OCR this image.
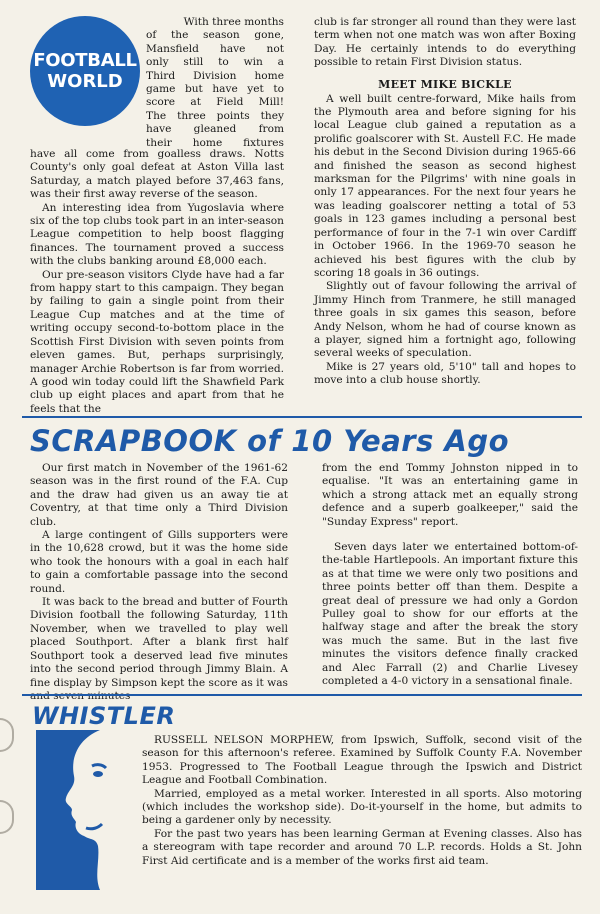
FOOTBALL
WORLD
With three months
of the season gone,
Mansfield have not
only still to win a
Third Division home
game but have yet to
score at Field Mill!
The three points they
have gleaned from
their home fixtures

have all come from goalless draws. Notts County's only goal defeat at Aston Villa last Saturday, a match played before 37,463 fans, was their first away reverse of the season.

An interesting idea from Yugoslavia where six of the top clubs took part in an inter-season League competition to help boost flagging finances. The tournament proved a success with the clubs banking around £8,000 each.

Our pre-season visitors Clyde have had a far from happy start to this campaign. They began by failing to gain a single point from their League Cup matches and at the time of writing occupy second-to-bottom place in the Scottish First Division with seven points from eleven games. But, perhaps surprisingly, manager Archie Robertson is far from worried. A good win today could lift the Shawfield Park club up eight places and apart from that he feels that the

club is far stronger all round than they were last term when not one match was won after Boxing Day. He certainly intends to do everything possible to retain First Division status.

MEET MIKE BICKLE

A well built centre-forward, Mike hails from the Plymouth area and before signing for his local League club gained a reputation as a prolific goalscorer with St. Austell F.C. He made his debut in the Second Division during 1965-66 and finished the season as second highest marksman for the Pilgrims' with nine goals in only 17 appearances. For the next four years he was leading goalscorer netting a total of 53 goals in 123 games including a personal best performance of four in the 7-1 win over Cardiff in October 1966. In the 1969-70 season he achieved his best figures with the club by scoring 18 goals in 36 outings.

Slightly out of favour following the arrival of Jimmy Hinch from Tranmere, he still managed three goals in six games this season, before Andy Nelson, whom he had of course known as a player, signed him a fortnight ago, following several weeks of speculation.

Mike is 27 years old, 5'10" tall and hopes to move into a club house shortly.

SCRAPBOOK of 10 Years Ago

Our first match in November of the 1961-62 season was in the first round of the F.A. Cup and the draw had given us an away tie at Coventry, at that time only a Third Division club.

A large contingent of Gills supporters were in the 10,628 crowd, but it was the home side who took the honours with a goal in each half to gain a comfortable passage into the second round.

It was back to the bread and butter of Fourth Division football the following Saturday, 11th November, when we travelled to play well placed Southport. After a blank first half Southport took a deserved lead five minutes into the second period through Jimmy Blain. A fine display by Simpson kept the score as it was

from the end Tommy Johnston nipped in to equalise. "It was an entertaining game in which a strong attack met an equally strong defence and a superb goalkeeper," said the "Sunday Express" report.

Seven days later we entertained bottom-of-the-table Hartlepools. An important fixture this as at that time we were only two positions and three points better off than them. Despite a great deal of pressure we had only a Gordon Pulley goal to show for our efforts at the halfway stage and after the break the story was much the same. But in the last five minutes the visitors defence finally cracked and Alec Farrall (2) and Charlie Livesey completed a 4-0 victory in a sensational finale.

WHISTLER

RUSSELL NELSON MORPHEW, from Ipswich, Suffolk, second visit of the season for this afternoon's referee. Examined by Suffolk County F.A. November 1953. Progressed to The Football League through the Ipswich and District League and Football Combination.

Married, employed as a metal worker. Interested in all sports. Also motoring (which includes the workshop side). Do-it-yourself in the home, but admits to being a gardener only by necessity.

For the past two years has been learning German at Evening classes. Also has a stereogram with tape recorder and around 70 L.P. records. Holds a St. John First Aid certificate and is a member of the works first aid team.
